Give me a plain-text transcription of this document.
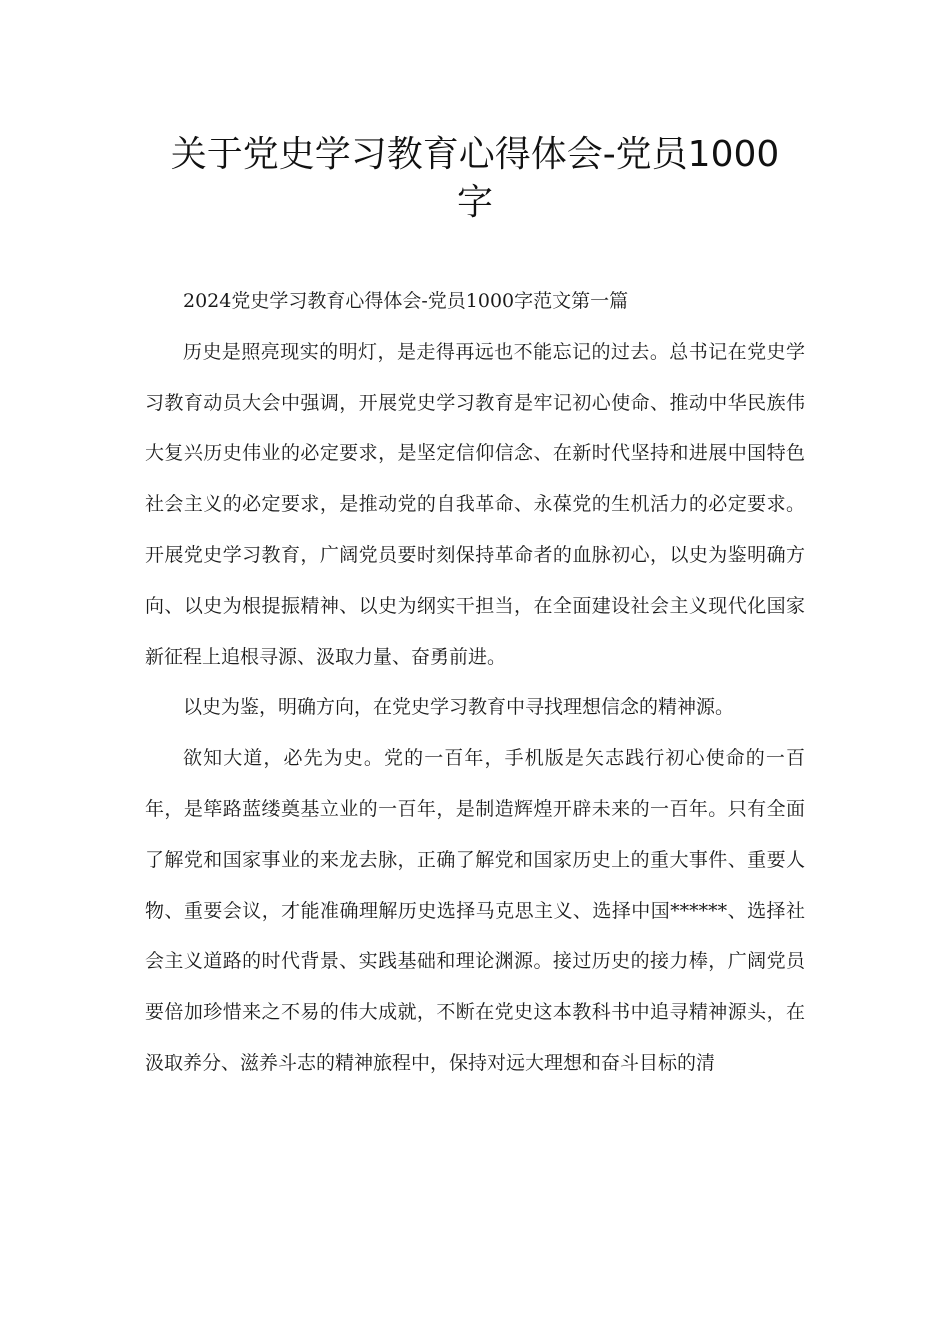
关于党史学习教育心得体会-党员1000
字

2024党史学习教育心得体会-党员1000字范文第一篇

历史是照亮现实的明灯，是走得再远也不能忘记的过去。总书记在党史学习教育动员大会中强调，开展党史学习教育是牢记初心使命、推动中华民族伟大复兴历史伟业的必定要求，是坚定信仰信念、在新时代坚持和进展中国特色社会主义的必定要求，是推动党的自我革命、永葆党的生机活力的必定要求。开展党史学习教育，广阔党员要时刻保持革命者的血脉初心，以史为鉴明确方向、以史为根提振精神、以史为纲实干担当，在全面建设社会主义现代化国家新征程上追根寻源、汲取力量、奋勇前进。

以史为鉴，明确方向，在党史学习教育中寻找理想信念的精神源。

欲知大道，必先为史。党的一百年，手机版是矢志践行初心使命的一百年，是筚路蓝缕奠基立业的一百年，是制造辉煌开辟未来的一百年。只有全面了解党和国家事业的来龙去脉，正确了解党和国家历史上的重大事件、重要人物、重要会议，才能准确理解历史选择马克思主义、选择中国******、选择社会主义道路的时代背景、实践基础和理论渊源。接过历史的接力棒，广阔党员要倍加珍惜来之不易的伟大成就，不断在党史这本教科书中追寻精神源头，在汲取养分、滋养斗志的精神旅程中，保持对远大理想和奋斗目标的清
